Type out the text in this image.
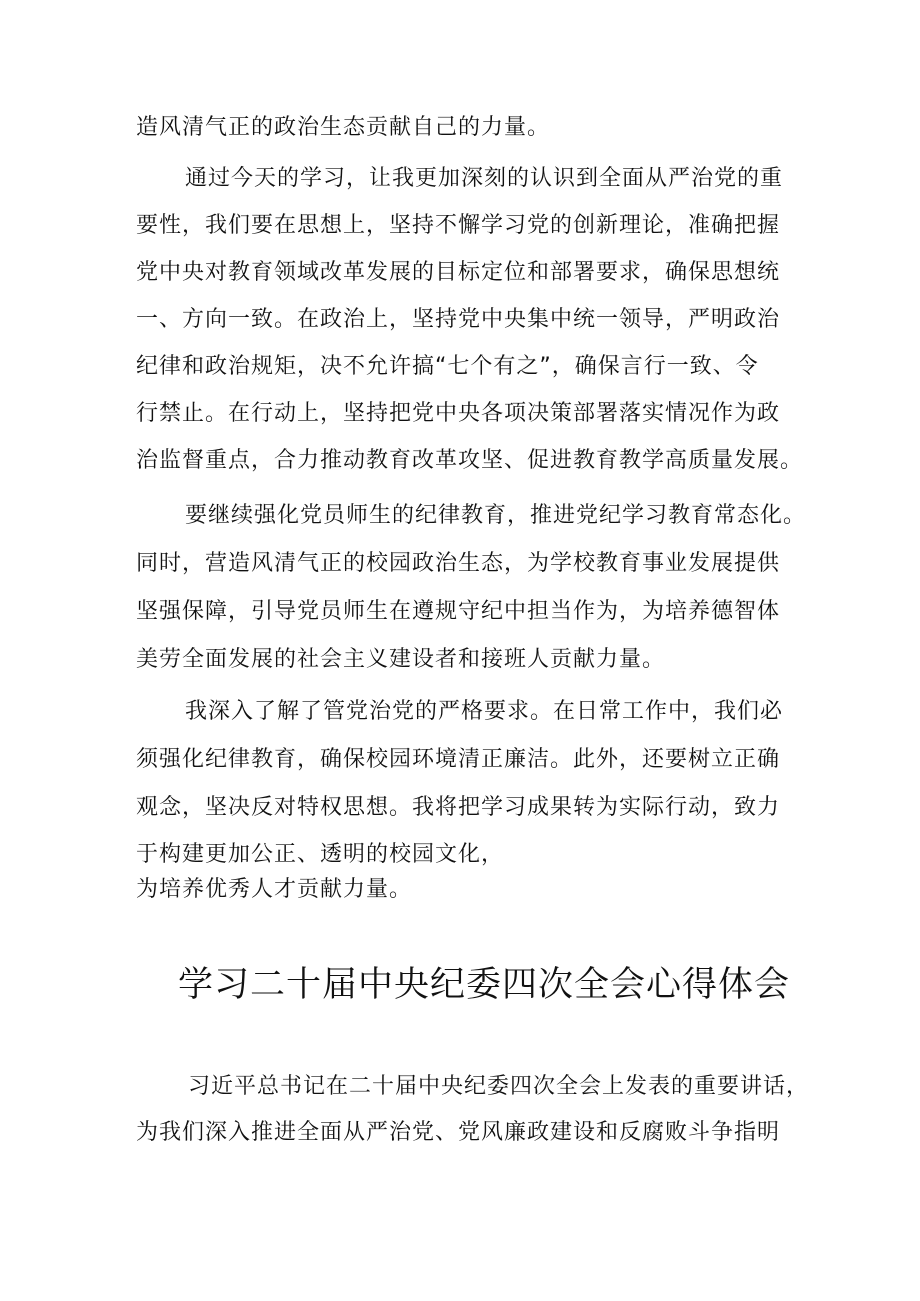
造风清气正的政治生态贡献自己的力量。
通过今天的学习，让我更加深刻的认识到全面从严治党的重
要性，我们要在思想上，坚持不懈学习党的创新理论，准确把握
党中央对教育领域改革发展的目标定位和部署要求，确保思想统
一、方向一致。在政治上，坚持党中央集中统一领导，严明政治
纪律和政治规矩，决不允许搞“七个有之”，确保言行一致、令
行禁止。在行动上，坚持把党中央各项决策部署落实情况作为政
治监督重点，合力推动教育改革攻坚、促进教育教学高质量发展。
要继续强化党员师生的纪律教育，推进党纪学习教育常态化。
同时，营造风清气正的校园政治生态，为学校教育事业发展提供
坚强保障，引导党员师生在遵规守纪中担当作为，为培养德智体
美劳全面发展的社会主义建设者和接班人贡献力量。
我深入了解了管党治党的严格要求。在日常工作中，我们必
须强化纪律教育，确保校园环境清正廉洁。此外，还要树立正确
观念，坚决反对特权思想。我将把学习成果转为实际行动，致力
于构建更加公正、透明的校园文化，
为培养优秀人才贡献力量。
学习二十届中央纪委四次全会心得体会
习近平总书记在二十届中央纪委四次全会上发表的重要讲话，
为我们深入推进全面从严治党、党风廉政建设和反腐败斗争指明
